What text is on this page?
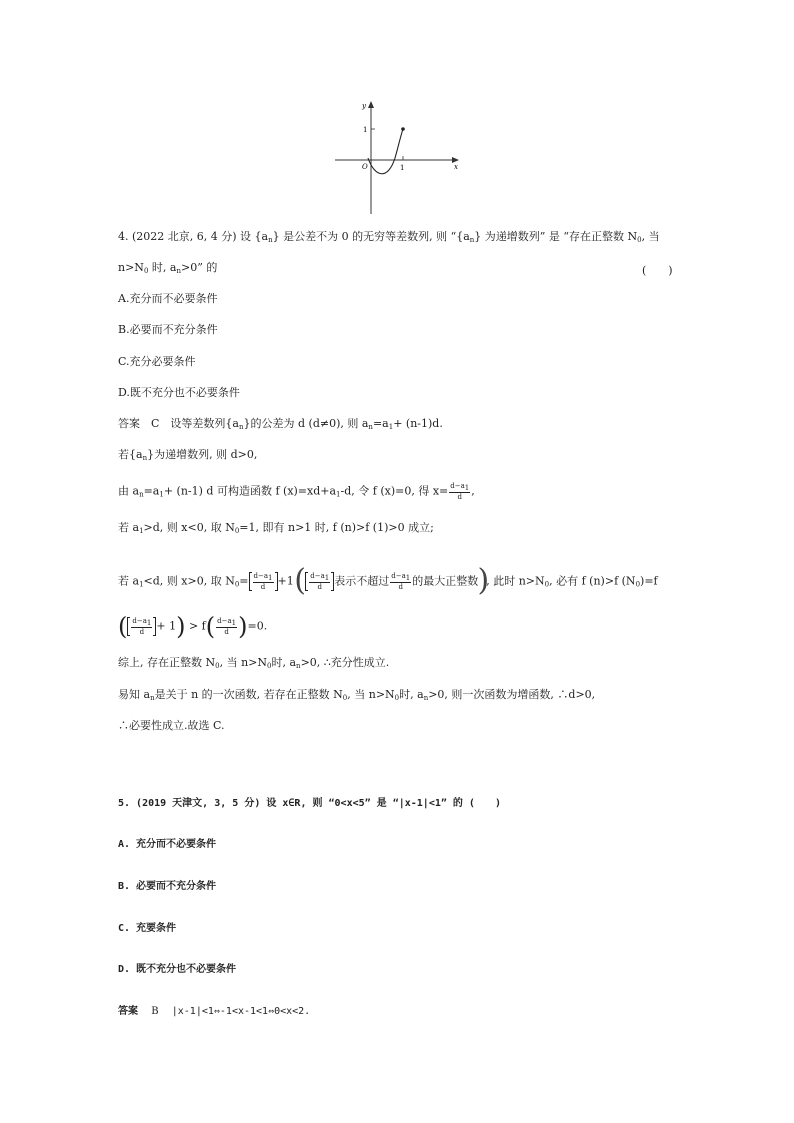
y
x
1
1
O
4. (2022 北京, 6, 4 分) 设 $\{a_n\}$ 是公差不为 0 的无穷等差数列, 则 “$\{a_n\}$ 为递增数列” 是 “存在正整数 $N_0$, 当
$n>N_0$ 时, $a_n>0$” 的	(　　)
A.充分而不必要条件
B.必要而不充分条件
C.充分必要条件
D.既不充分也不必要条件
答案　C　设等差数列$\{a_n\}$的公差为 d (d≠0), 则 $a_n=a_1+ (n-1)d$.
若$\{a_n\}$为递增数列, 则 d>0,
由 $a_n=a_1+ (n-1)$ d 可构造函数 f $(x)=xd+a_1-d$, 令 f (x)=0, 得 $x= \frac{d-a_1}{d}$ ,
若 $a_1>d$, 则 x<0, 取 $N_0=1$, 即有 n>1 时, f (n)>f (1)>0 成立;
若 $a_1<d$, 则 x>0, 取 $N_0= \frac{d-a_1}{d} +1$ ( $\frac{d-a_1}{d}$ 表示不超过 $\frac{d-a_1}{d}$ 的最大正整数 )
, 此时 $n>N_0$, 必有 f (n)>f $(N_0)=f$
( $\frac{d-a_1}{d} + 1) > f( \frac{d-a_1}{d} )=0$.
综上, 存在正整数 $N_0$, 当 $n>N_0$时, $a_n>0$, ∴充分性成立.
易知 $a_n$是关于 n 的一次函数, 若存在正整数 $N_0$, 当 $n>N_0$时, $a_n>0$, 则一次函数为增函数, ∴d>0,
∴必要性成立.故选 C.
5. (2019 天津文, 3, 5 分) 设 x∈R, 则 “0<x<5” 是 “|x-1|<1” 的 (　　)
A. 充分而不必要条件
B. 必要而不充分条件
C. 充要条件
D. 既不充分也不必要条件
答案 B |x-1|<1⇔-1<x-1<1⇔0<x<2.
